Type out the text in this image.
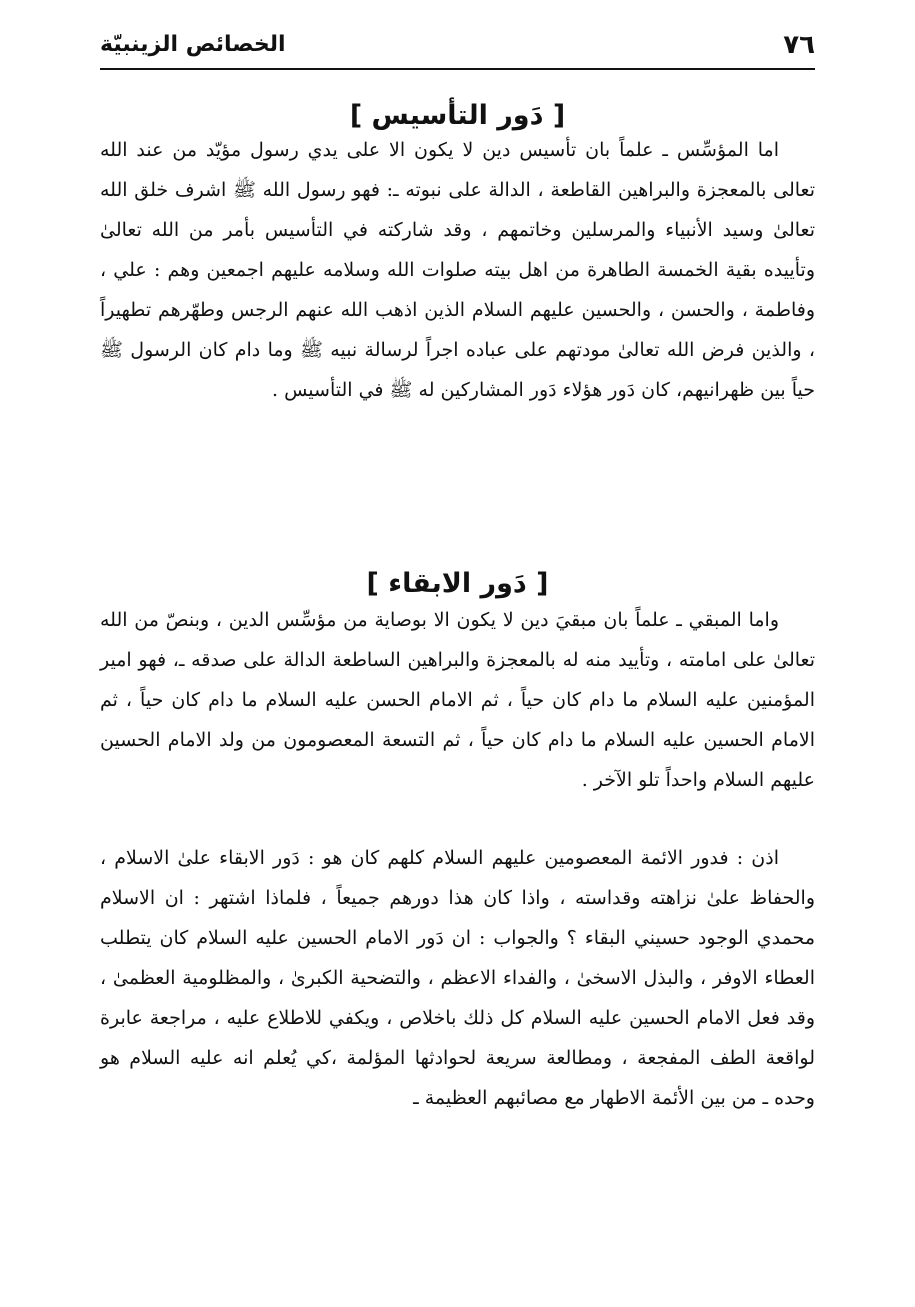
٧٦
الخصائص الزينبيّة
[ دَور التأسيس ]

اما المؤسِّس ـ علماً بان تأسيس دين لا يكون الا على يدي رسول مؤيّد من عند الله تعالى بالمعجزة والبراهين القاطعة ، الدالة على نبوته ـ: فهو رسول الله ﷺ اشرف خلق الله تعالىٰ وسيد الأنبياء والمرسلين وخاتمهم ، وقد شاركته في التأسيس بأمر من الله تعالىٰ وتأييده بقية الخمسة الطاهرة من اهل بيته صلوات الله وسلامه عليهم اجمعين وهم : علي ، وفاطمة ، والحسن ، والحسين عليهم السلام الذين اذهب الله عنهم الرجس وطهّرهم تطهيراً ، والذين فرض الله تعالىٰ مودتهم على عباده اجراً لرسالة نبيه ﷺ وما دام كان الرسول ﷺ حياً بين ظهرانيهم، كان دَور هؤلاء دَور المشاركين له ﷺ في التأسيس .

[ دَور الابقاء ]

واما المبقي ـ علماً بان مبقيَ دين لا يكون الا بوصاية من مؤسِّس الدين ، وبنصّ من الله تعالىٰ على امامته ، وتأييد منه له بالمعجزة والبراهين الساطعة الدالة على صدقه ـ، فهو امير المؤمنين عليه السلام ما دام كان حياً ، ثم الامام الحسن عليه السلام ما دام كان حياً ، ثم الامام الحسين عليه السلام ما دام كان حياً ، ثم التسعة المعصومون من ولد الامام الحسين عليهم السلام واحداً تلو الآخر .

اذن : فدور الائمة المعصومين عليهم السلام كلهم كان هو : دَور الابقاء علىٰ الاسلام ، والحفاظ علىٰ نزاهته وقداسته ، واذا كان هذا دورهم جميعاً ، فلماذا اشتهر : ان الاسلام محمدي الوجود حسيني البقاء ؟ والجواب : ان دَور الامام الحسين عليه السلام كان يتطلب العطاء الاوفر ، والبذل الاسخىٰ ، والفداء الاعظم ، والتضحية الكبرىٰ ، والمظلومية العظمىٰ ، وقد فعل الامام الحسين عليه السلام كل ذلك باخلاص ، ويكفي للاطلاع عليه ، مراجعة عابرة لواقعة الطف المفجعة ، ومطالعة سريعة لحوادثها المؤلمة ،كي يُعلم انه عليه السلام هو وحده ـ من بين الأئمة الاطهار مع مصائبهم العظيمة ـ
